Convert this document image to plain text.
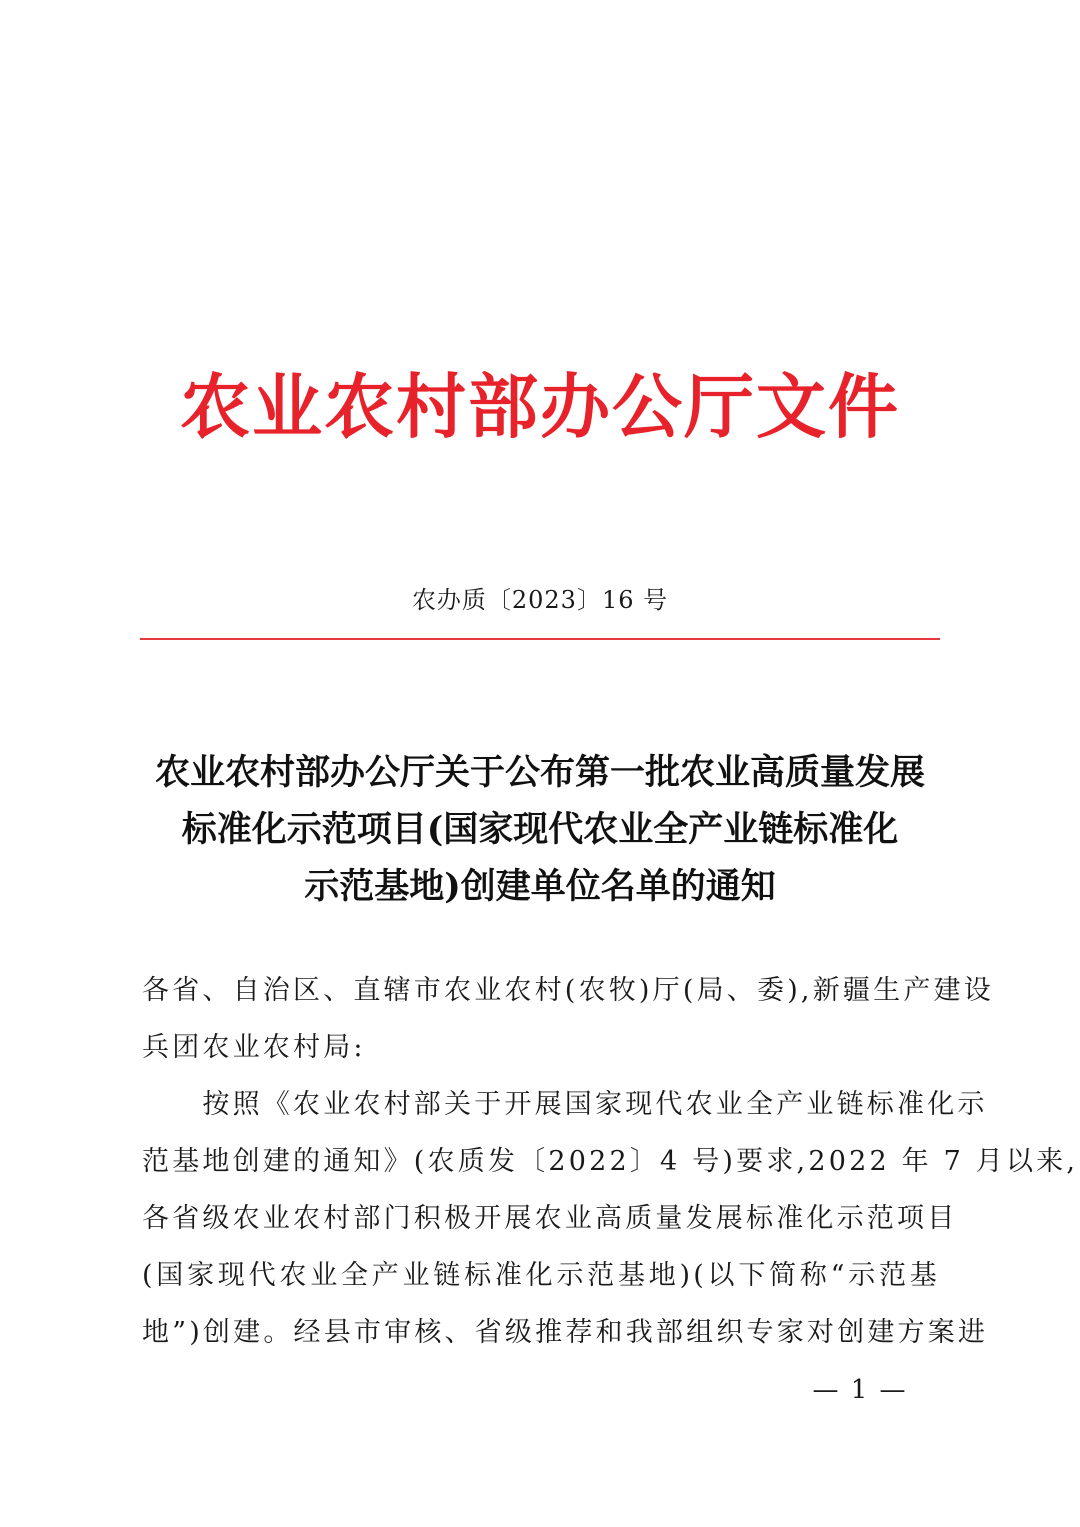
农业农村部办公厅文件
农办质〔2023〕16 号
农业农村部办公厅关于公布第一批农业高质量发展
标准化示范项目(国家现代农业全产业链标准化
示范基地)创建单位名单的通知
各省、自治区、直辖市农业农村(农牧)厅(局、委),新疆生产建设
兵团农业农村局:
　　按照《农业农村部关于开展国家现代农业全产业链标准化示
范基地创建的通知》(农质发〔2022〕4 号)要求,2022 年 7 月以来,
各省级农业农村部门积极开展农业高质量发展标准化示范项目
(国家现代农业全产业链标准化示范基地)(以下简称“示范基
地”)创建。经县市审核、省级推荐和我部组织专家对创建方案进
— 1 —
